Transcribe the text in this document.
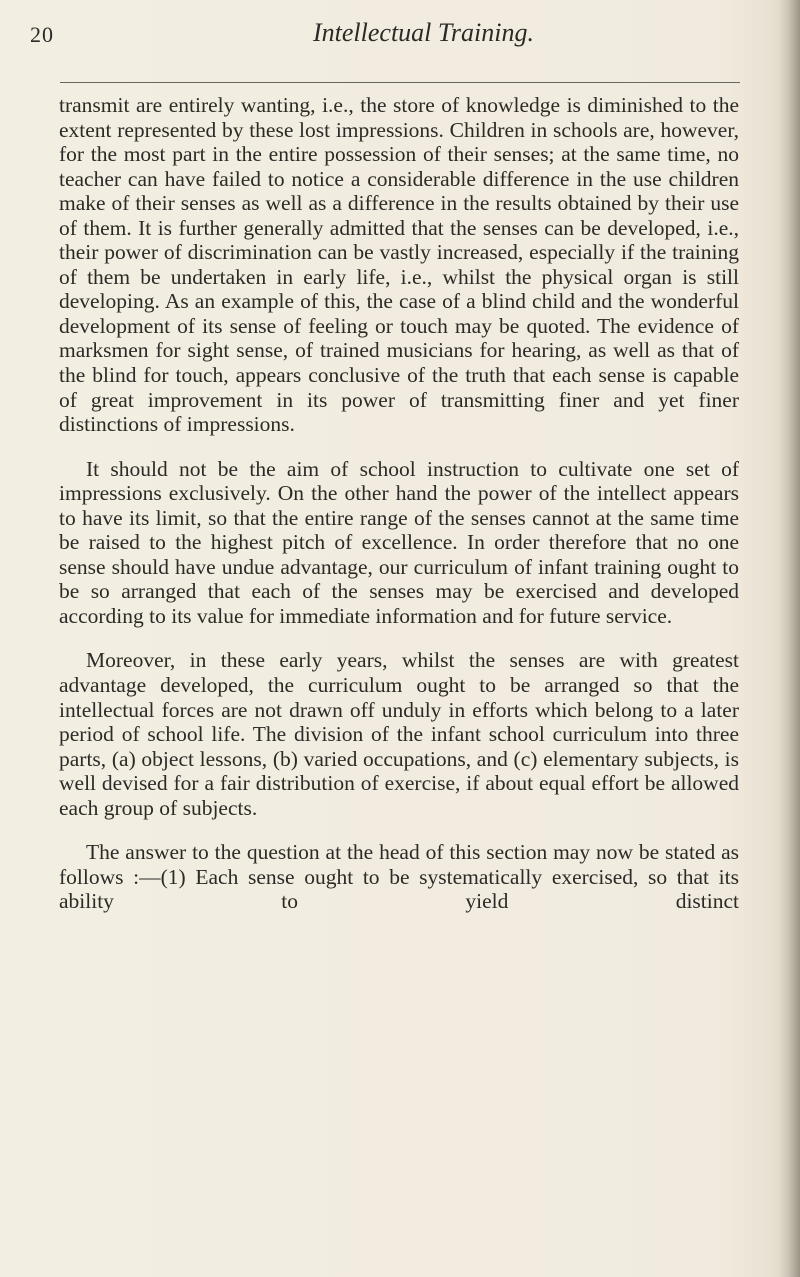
20	Intellectual Training.

transmit are entirely wanting, i.e., the store of knowledge is diminished to the extent represented by these lost impressions. Children in schools are, however, for the most part in the entire possession of their senses; at the same time, no teacher can have failed to notice a considerable difference in the use children make of their senses as well as a difference in the results obtained by their use of them. It is further generally admitted that the senses can be developed, i.e., their power of discrimination can be vastly increased, especially if the training of them be undertaken in early life, i.e., whilst the physical organ is still developing. As an example of this, the case of a blind child and the wonderful development of its sense of feeling or touch may be quoted. The evidence of marksmen for sight sense, of trained musicians for hearing, as well as that of the blind for touch, appears conclusive of the truth that each sense is capable of great improvement in its power of transmitting finer and yet finer distinctions of impressions.

It should not be the aim of school instruction to cultivate one set of impressions exclusively. On the other hand the power of the intellect appears to have its limit, so that the entire range of the senses cannot at the same time be raised to the highest pitch of excellence. In order therefore that no one sense should have undue advantage, our curriculum of infant training ought to be so arranged that each of the senses may be exercised and developed according to its value for immediate information and for future service.

Moreover, in these early years, whilst the senses are with greatest advantage developed, the curriculum ought to be arranged so that the intellectual forces are not drawn off unduly in efforts which belong to a later period of school life. The division of the infant school curriculum into three parts, (a) object lessons, (b) varied occupations, and (c) elementary subjects, is well devised for a fair distribution of exercise, if about equal effort be allowed each group of subjects.

The answer to the question at the head of this section may now be stated as follows :—(1) Each sense ought to be systematically exercised, so that its ability to yield distinct
